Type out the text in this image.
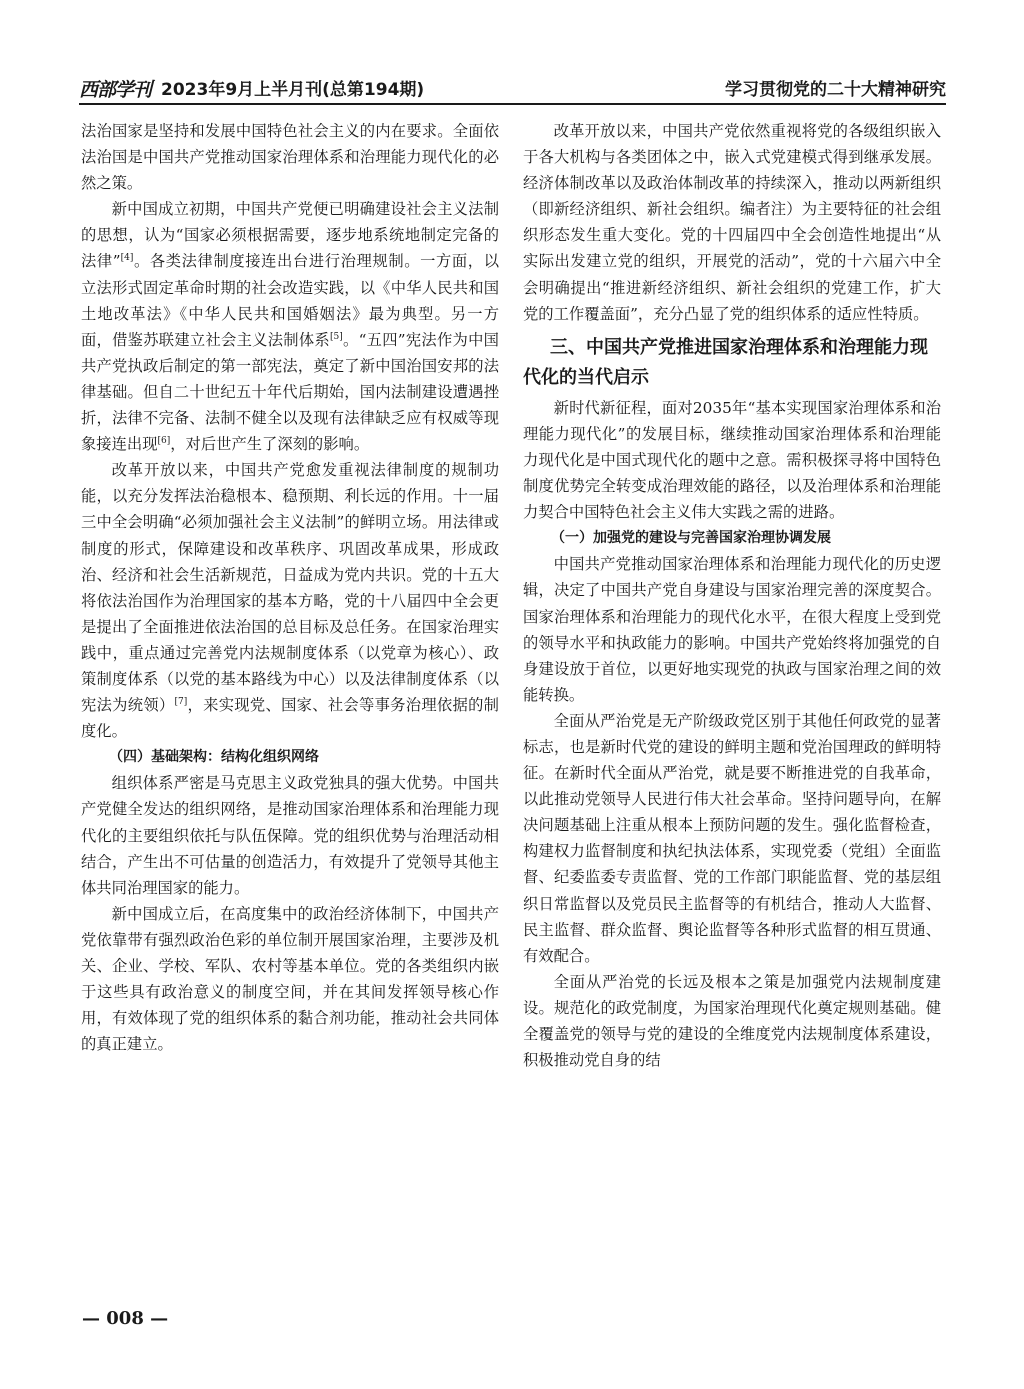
西部学刊 2023年9月上半月刊(总第194期)	学习贯彻党的二十大精神研究

法治国家是坚持和发展中国特色社会主义的内在要求。全面依法治国是中国共产党推动国家治理体系和治理能力现代化的必然之策。

新中国成立初期，中国共产党便已明确建设社会主义法制的思想，认为“国家必须根据需要，逐步地系统地制定完备的法律”[4]。各类法律制度接连出台进行治理规制。一方面，以立法形式固定革命时期的社会改造实践，以《中华人民共和国土地改革法》《中华人民共和国婚姻法》最为典型。另一方面，借鉴苏联建立社会主义法制体系[5]。“五四”宪法作为中国共产党执政后制定的第一部宪法，奠定了新中国治国安邦的法律基础。但自二十世纪五十年代后期始，国内法制建设遭遇挫折，法律不完备、法制不健全以及现有法律缺乏应有权威等现象接连出现[6]，对后世产生了深刻的影响。

改革开放以来，中国共产党愈发重视法律制度的规制功能，以充分发挥法治稳根本、稳预期、利长远的作用。十一届三中全会明确“必须加强社会主义法制”的鲜明立场。用法律或制度的形式，保障建设和改革秩序、巩固改革成果，形成政治、经济和社会生活新规范，日益成为党内共识。党的十五大将依法治国作为治理国家的基本方略，党的十八届四中全会更是提出了全面推进依法治国的总目标及总任务。在国家治理实践中，重点通过完善党内法规制度体系（以党章为核心）、政策制度体系（以党的基本路线为中心）以及法律制度体系（以宪法为统领）[7]，来实现党、国家、社会等事务治理依据的制度化。

（四）基础架构：结构化组织网络

组织体系严密是马克思主义政党独具的强大优势。中国共产党健全发达的组织网络，是推动国家治理体系和治理能力现代化的主要组织依托与队伍保障。党的组织优势与治理活动相结合，产生出不可估量的创造活力，有效提升了党领导其他主体共同治理国家的能力。

新中国成立后，在高度集中的政治经济体制下，中国共产党依靠带有强烈政治色彩的单位制开展国家治理，主要涉及机关、企业、学校、军队、农村等基本单位。党的各类组织内嵌于这些具有政治意义的制度空间，并在其间发挥领导核心作用，有效体现了党的组织体系的黏合剂功能，推动社会共同体的真正建立。

改革开放以来，中国共产党依然重视将党的各级组织嵌入于各大机构与各类团体之中，嵌入式党建模式得到继承发展。经济体制改革以及政治体制改革的持续深入，推动以两新组织（即新经济组织、新社会组织。编者注）为主要特征的社会组织形态发生重大变化。党的十四届四中全会创造性地提出“从实际出发建立党的组织，开展党的活动”，党的十六届六中全会明确提出“推进新经济组织、新社会组织的党建工作，扩大党的工作覆盖面”，充分凸显了党的组织体系的适应性特质。

三、中国共产党推进国家治理体系和治理能力现代化的当代启示

新时代新征程，面对2035年“基本实现国家治理体系和治理能力现代化”的发展目标，继续推动国家治理体系和治理能力现代化是中国式现代化的题中之意。需积极探寻将中国特色制度优势完全转变成治理效能的路径，以及治理体系和治理能力契合中国特色社会主义伟大实践之需的进路。

（一）加强党的建设与完善国家治理协调发展

中国共产党推动国家治理体系和治理能力现代化的历史逻辑，决定了中国共产党自身建设与国家治理完善的深度契合。国家治理体系和治理能力的现代化水平，在很大程度上受到党的领导水平和执政能力的影响。中国共产党始终将加强党的自身建设放于首位，以更好地实现党的执政与国家治理之间的效能转换。

全面从严治党是无产阶级政党区别于其他任何政党的显著标志，也是新时代党的建设的鲜明主题和党治国理政的鲜明特征。在新时代全面从严治党，就是要不断推进党的自我革命，以此推动党领导人民进行伟大社会革命。坚持问题导向，在解决问题基础上注重从根本上预防问题的发生。强化监督检查，构建权力监督制度和执纪执法体系，实现党委（党组）全面监督、纪委监委专责监督、党的工作部门职能监督、党的基层组织日常监督以及党员民主监督等的有机结合，推动人大监督、民主监督、群众监督、舆论监督等各种形式监督的相互贯通、有效配合。

全面从严治党的长远及根本之策是加强党内法规制度建设。规范化的政党制度，为国家治理现代化奠定规则基础。健全覆盖党的领导与党的建设的全维度党内法规制度体系建设，积极推动党自身的结

— 008 —
